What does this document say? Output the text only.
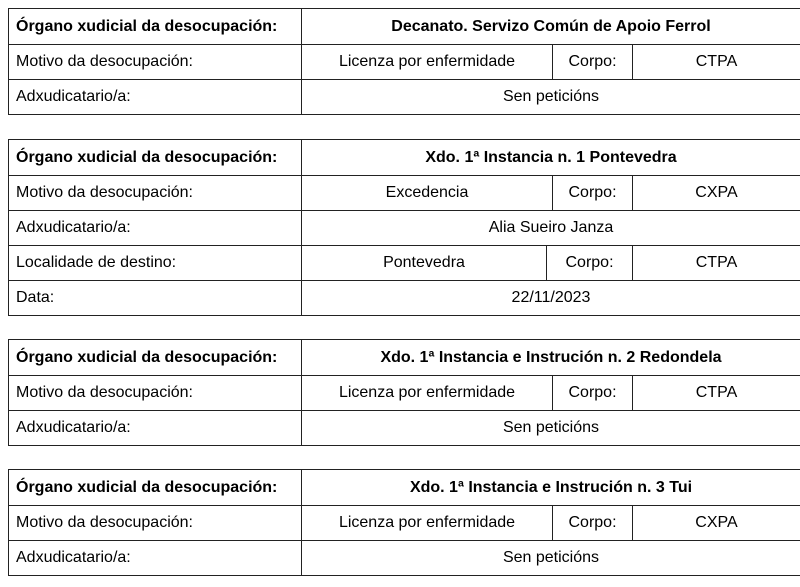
Órgano xudicial da desocupación:	Decanato. Servizo Común de Apoio Ferrol
Motivo da desocupación:	Licenza por enfermidade	Corpo:	CTPA
Adxudicatario/a:	Sen peticións
Órgano xudicial da desocupación:	Xdo. 1ª Instancia n. 1 Pontevedra
Motivo da desocupación:	Excedencia	Corpo:	CXPA
Adxudicatario/a:	Alia Sueiro Janza
Localidade de destino:	Pontevedra	Corpo:	CTPA
Data:	22/11/2023
Órgano xudicial da desocupación:	Xdo. 1ª Instancia e Instrución n. 2 Redondela
Motivo da desocupación:	Licenza por enfermidade	Corpo:	CTPA
Adxudicatario/a:	Sen peticións
Órgano xudicial da desocupación:	Xdo. 1ª Instancia e Instrución n. 3 Tui
Motivo da desocupación:	Licenza por enfermidade	Corpo:	CXPA
Adxudicatario/a:	Sen peticións
